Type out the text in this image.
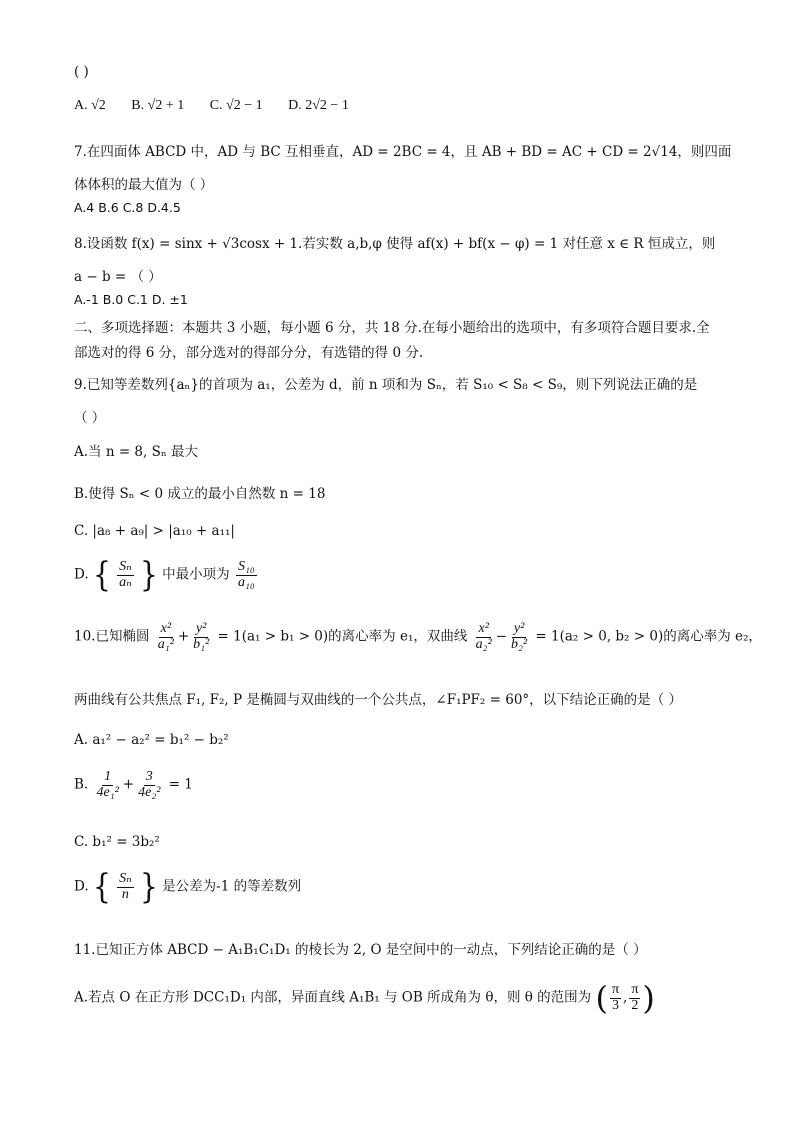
( )
A. √2 B. √2 + 1 C. √2 − 1 D. 2√2 − 1
7.在四面体 ABCD 中，AD 与 BC 互相垂直，AD = 2BC = 4，且 AB + BD = AC + CD = 2√14，则四面
体体积的最大值为（ ）
A.4 B.6 C.8 D.4.5
8.设函数 f(x) = sinx + √3cosx + 1.若实数 a,b,φ 使得 af(x) + bf(x − φ) = 1 对任意 x ∈ R 恒成立，则
a − b = （ ）
A.-1 B.0 C.1 D. ±1
二、多项选择题：本题共 3 小题，每小题 6 分，共 18 分.在每小题给出的选项中，有多项符合题目要求.全
部选对的得 6 分，部分选对的得部分分，有选错的得 0 分.
9.已知等差数列{aₙ}的首项为 a₁，公差为 d，前 n 项和为 Sₙ，若 S₁₀ < S₈ < S₉，则下列说法正确的是
（ ）
A.当 n = 8, Sₙ 最大
B.使得 Sₙ < 0 成立的最小自然数 n = 18
C. |a₈ + a₉| > |a₁₀ + a₁₁|
D. { $\frac{\text{Sₙ}}{\text{aₙ}}$ } 中最小项为 $\frac{\text{S₁₀}}{\text{a₁₀}}$
10.已知椭圆 $\frac{\text{x²}}{\text{a₁²}} + \frac{\text{y²}}{\text{b₁²}} = 1(a_1 > b_1 > 0)$的离心率为 e₁，双曲线 $\frac{\text{x²}}{\text{a₂²}} - \frac{\text{y²}}{\text{b₂²}} = 1(a_2 > 0$, b₂ > 0)的离心率为 e₂，
两曲线有公共焦点 F₁, F₂, P 是椭圆与双曲线的一个公共点，∠F₁PF₂ = 60°，以下结论正确的是（ ）
A. a₁² − a₂² = b₁² − b₂²
B. $\frac{1}{\text{4e₁²}} + \frac{3}{\text{4e₂²}} = 1$
C. b₁² = 3b₂²
D. { $\frac{\text{Sₙ}}{n}$ } 是公差为-1 的等差数列
11.已知正方体 ABCD − A₁B₁C₁D₁ 的棱长为 2, O 是空间中的一动点，下列结论正确的是（ ）
A.若点 O 在正方形 DCC₁D₁ 内部，异面直线 A₁B₁ 与 OB 所成角为 θ，则 θ 的范围为 ( $\frac{\pi}{3}$ , $\frac{\pi}{2}$ )
